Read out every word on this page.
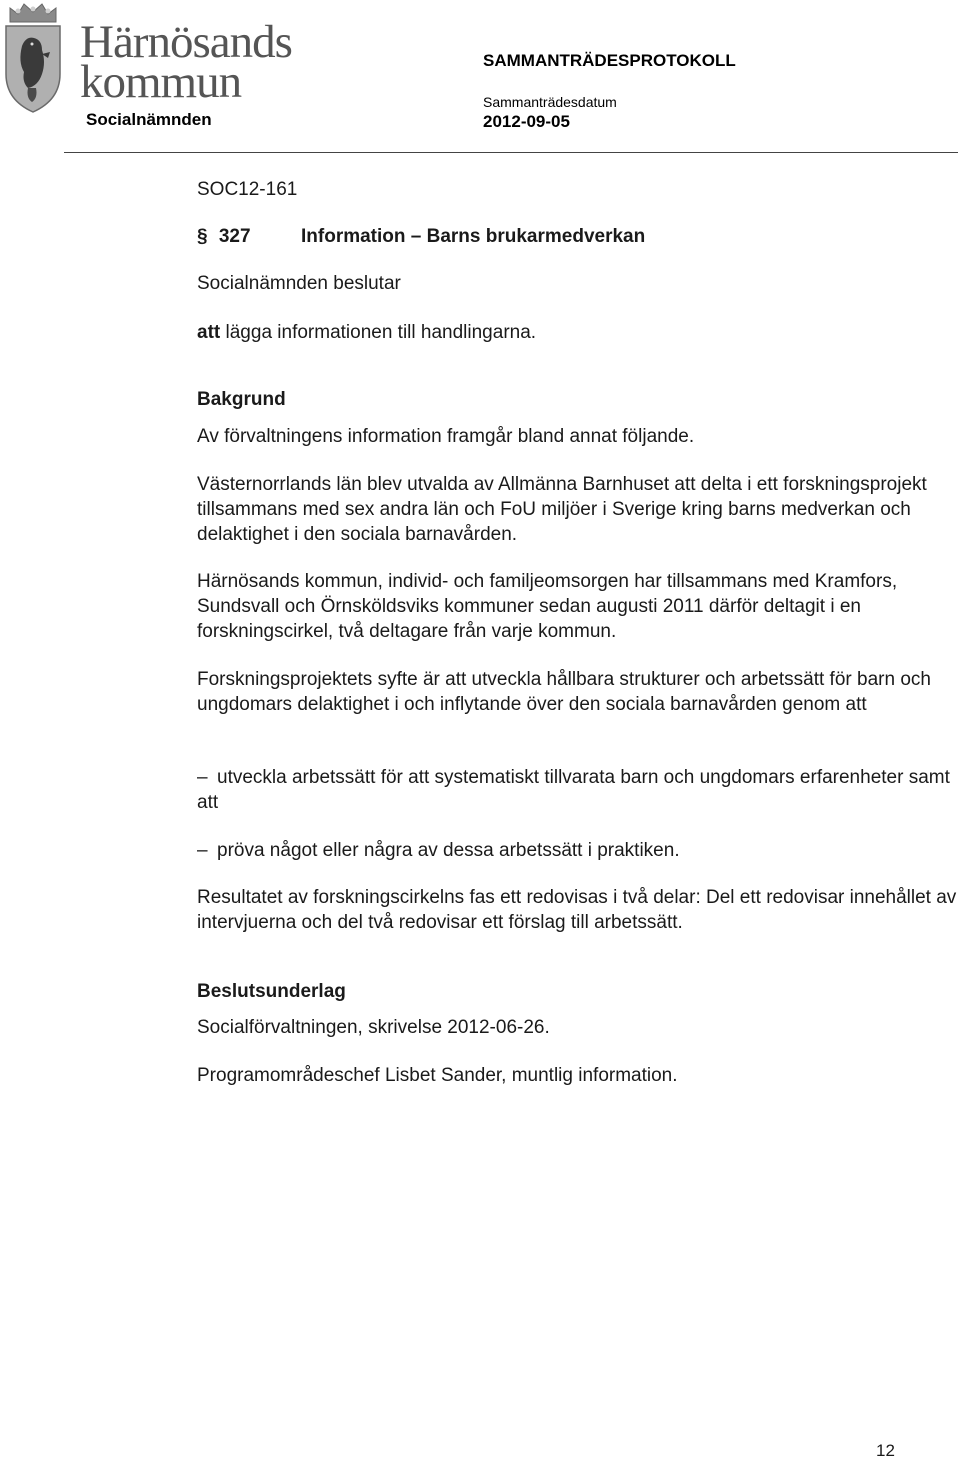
Härnösands
kommun
Socialnämnden
SAMMANTRÄDESPROTOKOLL
Sammanträdesdatum
2012-09-05
SOC12-161
§ 327	Information – Barns brukarmedverkan
Socialnämnden beslutar
att lägga informationen till handlingarna.
Bakgrund
Av förvaltningens information framgår bland annat följande.
Västernorrlands län blev utvalda av Allmänna Barnhuset att delta i ett forskningsprojekt tillsammans med sex andra län och FoU miljöer i Sverige kring barns medverkan och delaktighet i den sociala barnavården.
Härnösands kommun, individ- och familjeomsorgen har tillsammans med Kramfors, Sundsvall och Örnsköldsviks kommuner sedan augusti 2011 därför deltagit i en forskningscirkel, två deltagare från varje kommun.
Forskningsprojektets syfte är att utveckla hållbara strukturer och arbetssätt för barn och ungdomars delaktighet i och inflytande över den sociala barnavården genom att
– utveckla arbetssätt för att systematiskt tillvarata barn och ungdomars erfarenheter samt att
– pröva något eller några av dessa arbetssätt i praktiken.
Resultatet av forskningscirkelns fas ett redovisas i två delar: Del ett redovisar innehållet av intervjuerna och del två redovisar ett förslag till arbetssätt.
Beslutsunderlag
Socialförvaltningen, skrivelse 2012-06-26.
Programområdeschef Lisbet Sander, muntlig information.
12
